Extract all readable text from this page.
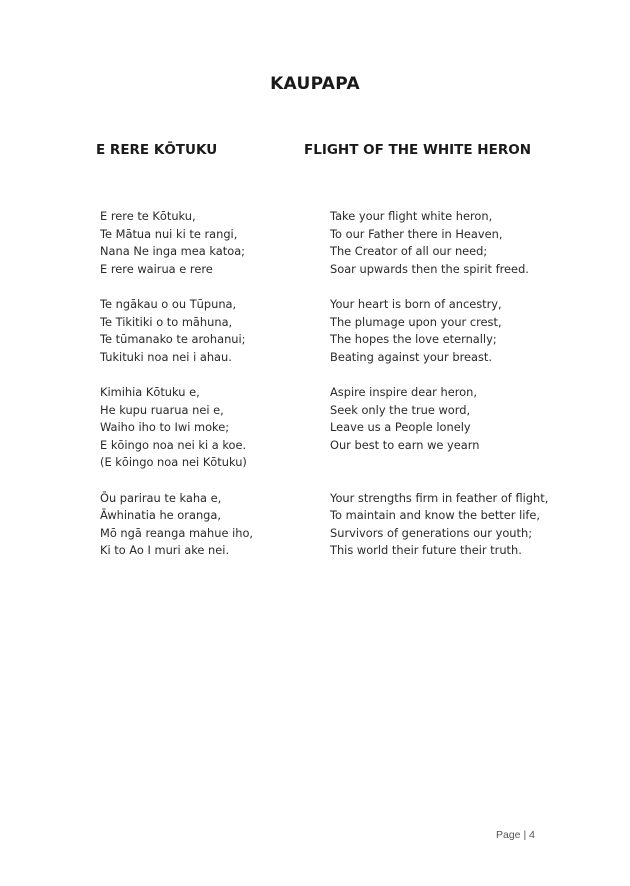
KAUPAPA
E RERE KŌTUKU	FLIGHT OF THE WHITE HERON
E rere te Kōtuku,
Te Mātua nui ki te rangi,
Nana Ne inga mea katoa;
E rere wairua e rere
Te ngākau o ou Tūpuna,
Te Tikitiki o to māhuna,
Te tūmanako te arohanui;
Tukituki noa nei i ahau.
Kimihia Kōtuku e,
He kupu ruarua nei e,
Waiho iho to Iwi moke;
E kōingo noa nei ki a koe.
(E kōingo noa nei Kōtuku)
Ōu parirau te kaha e,
Āwhinatia he oranga,
Mō ngā reanga mahue iho,
Ki to Ao I muri ake nei.
Take your flight white heron,
To our Father there in Heaven,
The Creator of all our need;
Soar upwards then the spirit freed.
Your heart is born of ancestry,
The plumage upon your crest,
The hopes the love eternally;
Beating against your breast.
Aspire inspire dear heron,
Seek only the true word,
Leave us a People lonely
Our best to earn we yearn

Your strengths firm in feather of flight,
To maintain and know the better life,
Survivors of generations our youth;
This world their future their truth.
Page | 4
